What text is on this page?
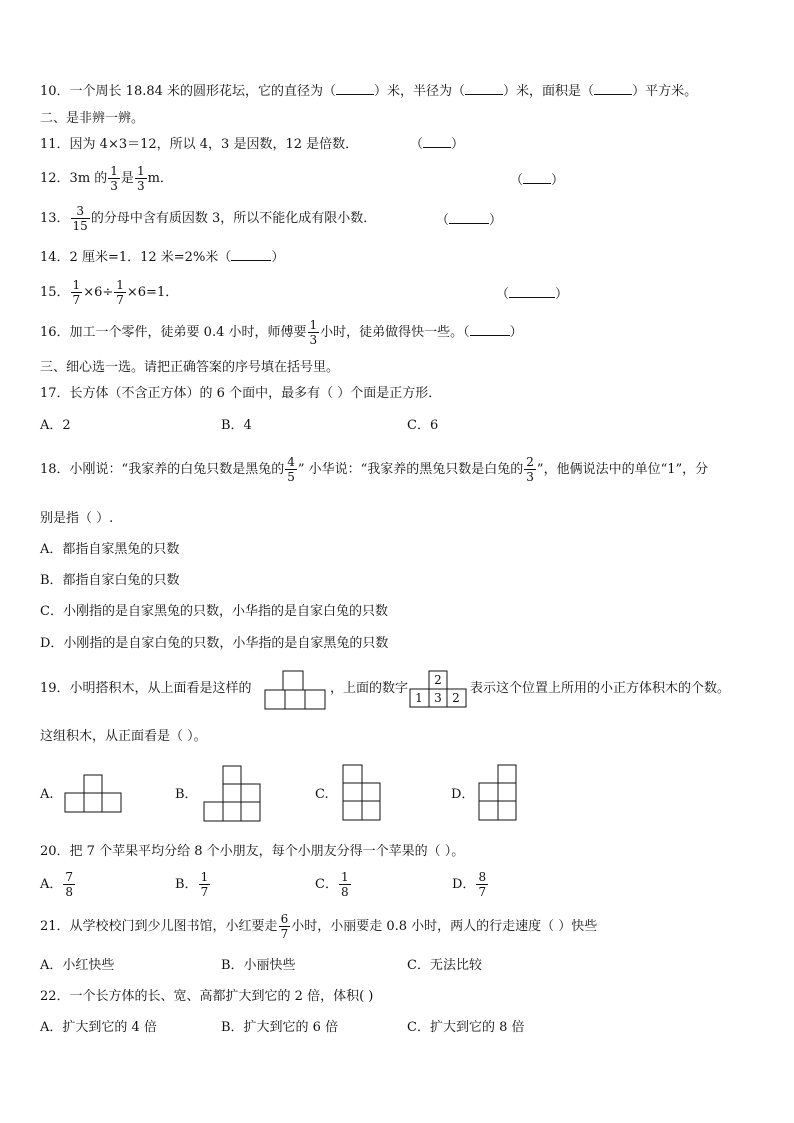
10．一个周长 18.84 米的圆形花坛，它的直径为（	）米，半径为（	）米，面积是（	）平方米。
二、是非辨一辨。
11．因为 4×3＝12，所以 4，3 是因数，12 是倍数．	（ ）
12．3m 的 $\frac{1}{3}$ 是 $\frac{1}{3}$ m．	（ ）
13． $\frac{3}{15}$ 的分母中含有质因数 3，所以不能化成有限小数．	（	）
14．2 厘米=1．12 米=2%米（	）
15． $\frac{1}{7} \times 6\div \frac{1}{7} \times 6=1$．	（	）
16．加工一个零件，徒弟要 0.4 小时，师傅要 $\frac{1}{3}$ 小时，徒弟做得快一些。（	）
三、细心选一选。请把正确答案的序号填在括号里。
17．长方体（不含正方体）的 6 个面中，最多有（ ）个面是正方形．
A．2	B．4	C．6
18．小刚说：“我家养的白兔只数是黑兔的 $\frac{4}{5}$ ” 小华说：“我家养的黑兔只数是白兔的 $\frac{2}{3}$ ”，他俩说法中的单位“1”，分
别是指（ ）.
A．都指自家黑兔的只数
B．都指自家白兔的只数
C．小刚指的是自家黑兔的只数，小华指的是自家白兔的只数
D．小刚指的是自家白兔的只数，小华指的是自家黑兔的只数
19．小明搭积木，从上面看是这样的	，上面的数字
2
1 3 2
表示这个位置上所用的小正方体积木的个数。
这组积木，从正面看是（ ）。
A.	B．	C.	D．
20．把 7 个苹果平均分给 8 个小朋友，每个小朋友分得一个苹果的（ ）。
A． $\frac{7}{8}$	B． $\frac{1}{7}$	C． $\frac{1}{8}$	D． $\frac{8}{7}$
21．从学校校门到少儿图书馆，小红要走 $\frac{6}{7}$ 小时，小丽要走 0.8 小时，两人的行走速度（ ）快些
A．小红快些	B．小丽快些	C．无法比较
22．一个长方体的长、宽、高都扩大到它的 2 倍，体积( )
A．扩大到它的 4 倍	B．扩大到它的 6 倍	C．扩大到它的 8 倍
